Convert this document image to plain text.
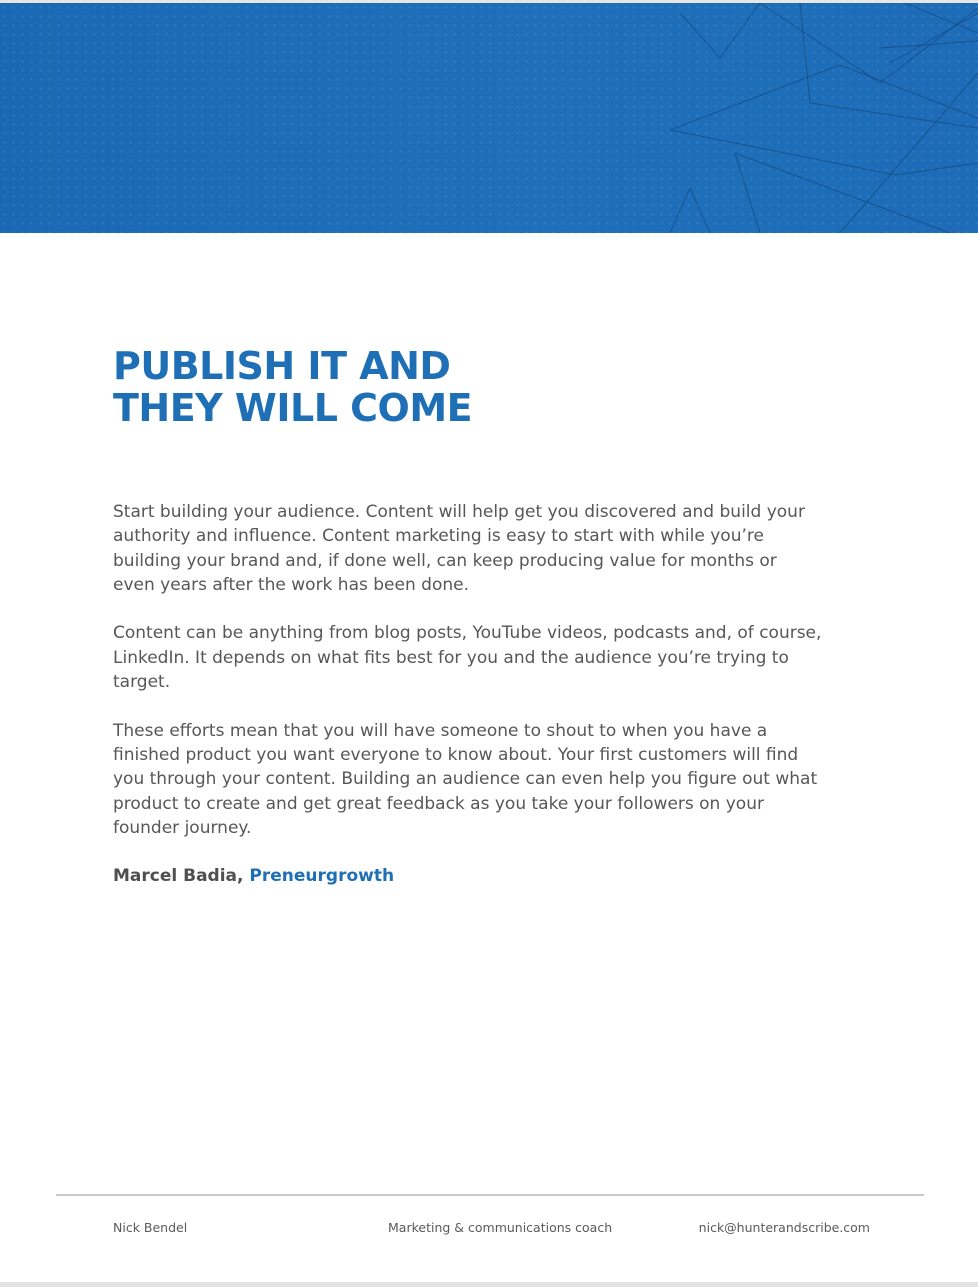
PUBLISH IT AND
THEY WILL COME

Start building your audience. Content will help get you discovered and build your authority and influence. Content marketing is easy to start with while you’re building your brand and, if done well, can keep producing value for months or even years after the work has been done.

Content can be anything from blog posts, YouTube videos, podcasts and, of course, LinkedIn. It depends on what fits best for you and the audience you’re trying to target.

These efforts mean that you will have someone to shout to when you have a finished product you want everyone to know about. Your first customers will find you through your content. Building an audience can even help you figure out what product to create and get great feedback as you take your followers on your founder journey.

Marcel Badia, Preneurgrowth

Nick Bendel	Marketing & communications coach	nick@hunterandscribe.com
